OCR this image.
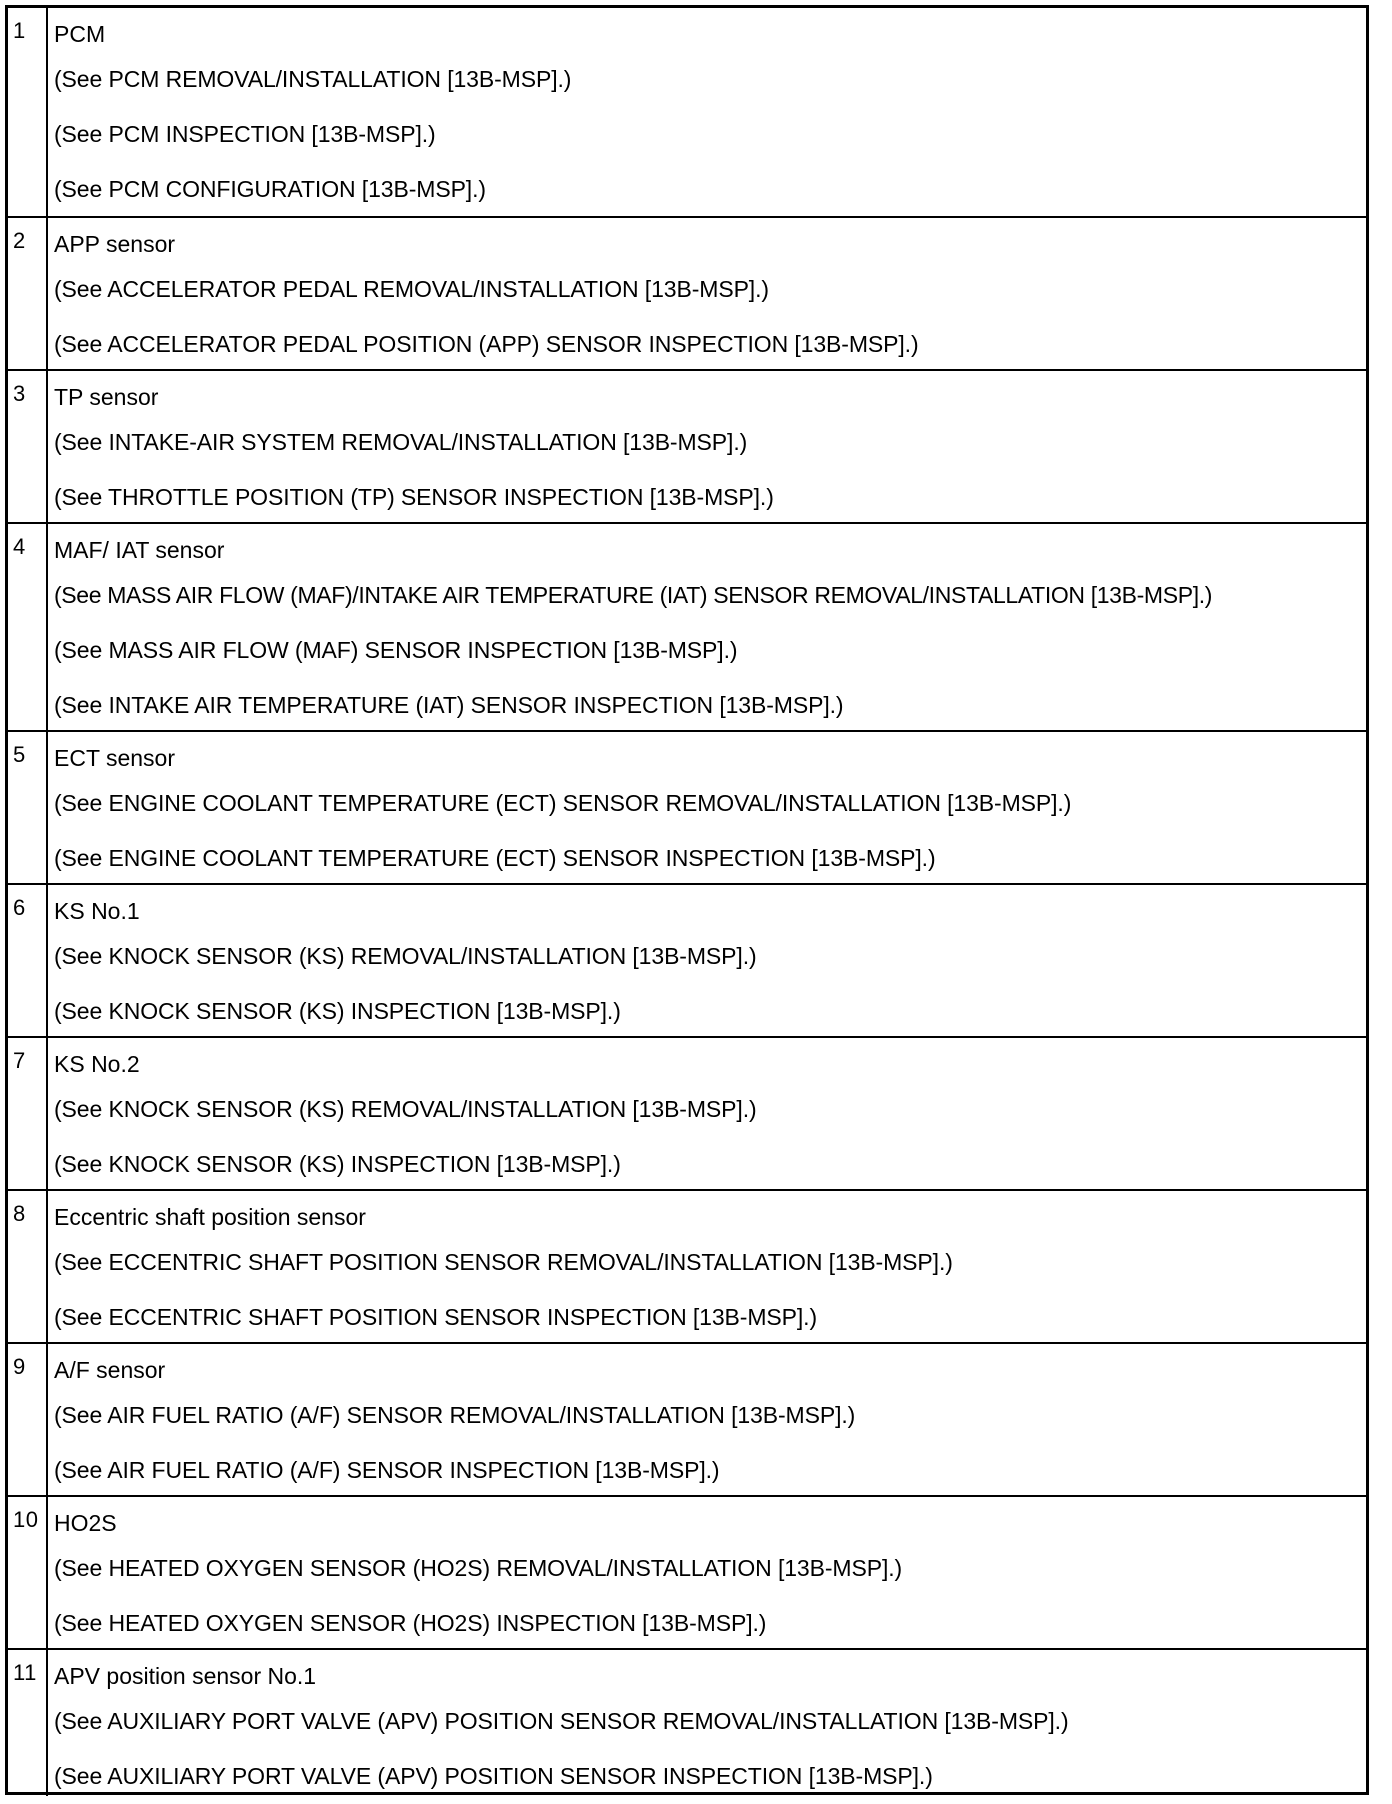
1	PCM
(See PCM REMOVAL/INSTALLATION [13B-MSP].)
(See PCM INSPECTION [13B-MSP].)
(See PCM CONFIGURATION [13B-MSP].)
2	APP sensor
(See ACCELERATOR PEDAL REMOVAL/INSTALLATION [13B-MSP].)
(See ACCELERATOR PEDAL POSITION (APP) SENSOR INSPECTION [13B-MSP].)
3	TP sensor
(See INTAKE-AIR SYSTEM REMOVAL/INSTALLATION [13B-MSP].)
(See THROTTLE POSITION (TP) SENSOR INSPECTION [13B-MSP].)
4	MAF/ IAT sensor
(See MASS AIR FLOW (MAF)/INTAKE AIR TEMPERATURE (IAT) SENSOR REMOVAL/INSTALLATION [13B-MSP].)
(See MASS AIR FLOW (MAF) SENSOR INSPECTION [13B-MSP].)
(See INTAKE AIR TEMPERATURE (IAT) SENSOR INSPECTION [13B-MSP].)
5	ECT sensor
(See ENGINE COOLANT TEMPERATURE (ECT) SENSOR REMOVAL/INSTALLATION [13B-MSP].)
(See ENGINE COOLANT TEMPERATURE (ECT) SENSOR INSPECTION [13B-MSP].)
6	KS No.1
(See KNOCK SENSOR (KS) REMOVAL/INSTALLATION [13B-MSP].)
(See KNOCK SENSOR (KS) INSPECTION [13B-MSP].)
7	KS No.2
(See KNOCK SENSOR (KS) REMOVAL/INSTALLATION [13B-MSP].)
(See KNOCK SENSOR (KS) INSPECTION [13B-MSP].)
8	Eccentric shaft position sensor
(See ECCENTRIC SHAFT POSITION SENSOR REMOVAL/INSTALLATION [13B-MSP].)
(See ECCENTRIC SHAFT POSITION SENSOR INSPECTION [13B-MSP].)
9	A/F sensor
(See AIR FUEL RATIO (A/F) SENSOR REMOVAL/INSTALLATION [13B-MSP].)
(See AIR FUEL RATIO (A/F) SENSOR INSPECTION [13B-MSP].)
10 HO2S
(See HEATED OXYGEN SENSOR (HO2S) REMOVAL/INSTALLATION [13B-MSP].)
(See HEATED OXYGEN SENSOR (HO2S) INSPECTION [13B-MSP].)
11 APV position sensor No.1
(See AUXILIARY PORT VALVE (APV) POSITION SENSOR REMOVAL/INSTALLATION [13B-MSP].)
(See AUXILIARY PORT VALVE (APV) POSITION SENSOR INSPECTION [13B-MSP].)
